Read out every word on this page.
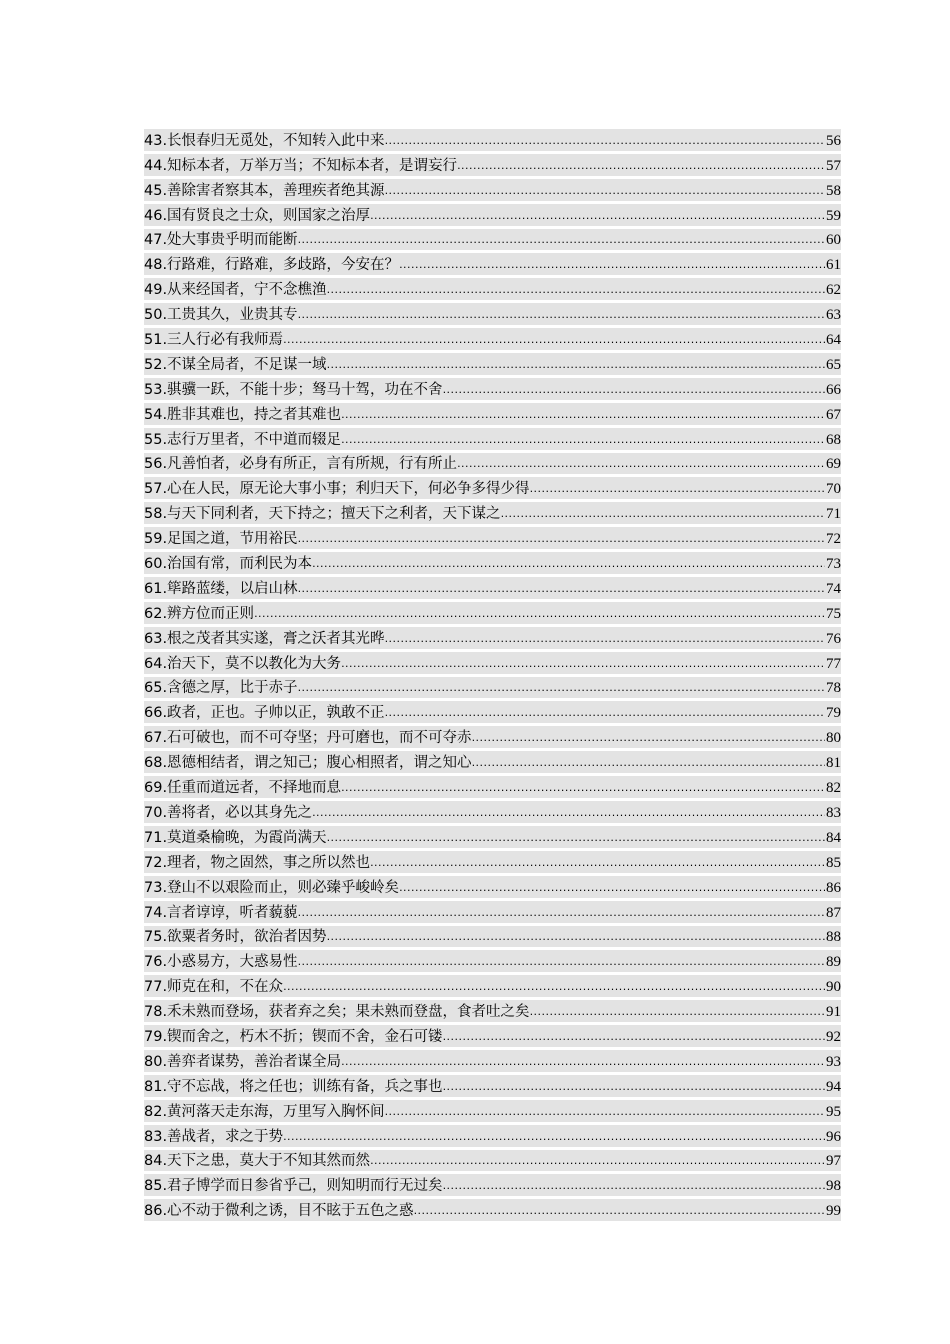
43.长恨春归无觅处，不知转入此中来 .....	56
44.知标本者，万举万当；不知标本者，是谓妄行 .....	57
45.善除害者察其本，善理疾者绝其源 .....	58
46.国有贤良之士众，则国家之治厚 .....	59
47.处大事贵乎明而能断 .....	60
48.行路难，行路难，多歧路，今安在？ .....	61
49.从来经国者，宁不念樵渔 .....	62
50.工贵其久，业贵其专 .....	63
51.三人行必有我师焉 .....	64
52.不谋全局者，不足谋一域 .....	65
53.骐骥一跃，不能十步；驽马十驾，功在不舍 .....	66
54.胜非其难也，持之者其难也 .....	67
55.志行万里者，不中道而辍足 .....	68
56.凡善怕者，必身有所正，言有所规，行有所止 .....	69
57.心在人民，原无论大事小事；利归天下，何必争多得少得 .....	70
58.与天下同利者，天下持之；擅天下之利者，天下谋之 .....	71
59.足国之道，节用裕民 .....	72
60.治国有常，而利民为本 .....	73
61.筚路蓝缕，以启山林 .....	74
62.辨方位而正则 .....	75
63.根之茂者其实遂，膏之沃者其光晔 .....	76
64.治天下，莫不以教化为大务 .....	77
65.含德之厚，比于赤子 .....	78
66.政者，正也。子帅以正，孰敢不正 .....	79
67.石可破也，而不可夺坚；丹可磨也，而不可夺赤 .....	80
68.恩德相结者，谓之知己；腹心相照者，谓之知心 .....	81
69.任重而道远者，不择地而息 .....	82
70.善将者，必以其身先之 .....	83
71.莫道桑榆晚，为霞尚满天 .....	84
72.理者，物之固然，事之所以然也 .....	85
73.登山不以艰险而止，则必臻乎峻岭矣 .....	86
74.言者谆谆，听者藐藐 .....	87
75.欲粟者务时，欲治者因势 .....	88
76.小惑易方，大惑易性 .....	89
77.师克在和，不在众 .....	90
78.禾未熟而登场，获者弃之矣；果未熟而登盘，食者吐之矣 .....	91
79.锲而舍之，朽木不折；锲而不舍，金石可镂 .....	92
80.善弈者谋势，善治者谋全局 .....	93
81.守不忘战，将之任也；训练有备，兵之事也 .....	94
82.黄河落天走东海，万里写入胸怀间 .....	95
83.善战者，求之于势 .....	96
84.天下之患，莫大于不知其然而然 .....	97
85.君子博学而日参省乎己，则知明而行无过矣 .....	98
86.心不动于微利之诱，目不眩于五色之惑 .....	99
